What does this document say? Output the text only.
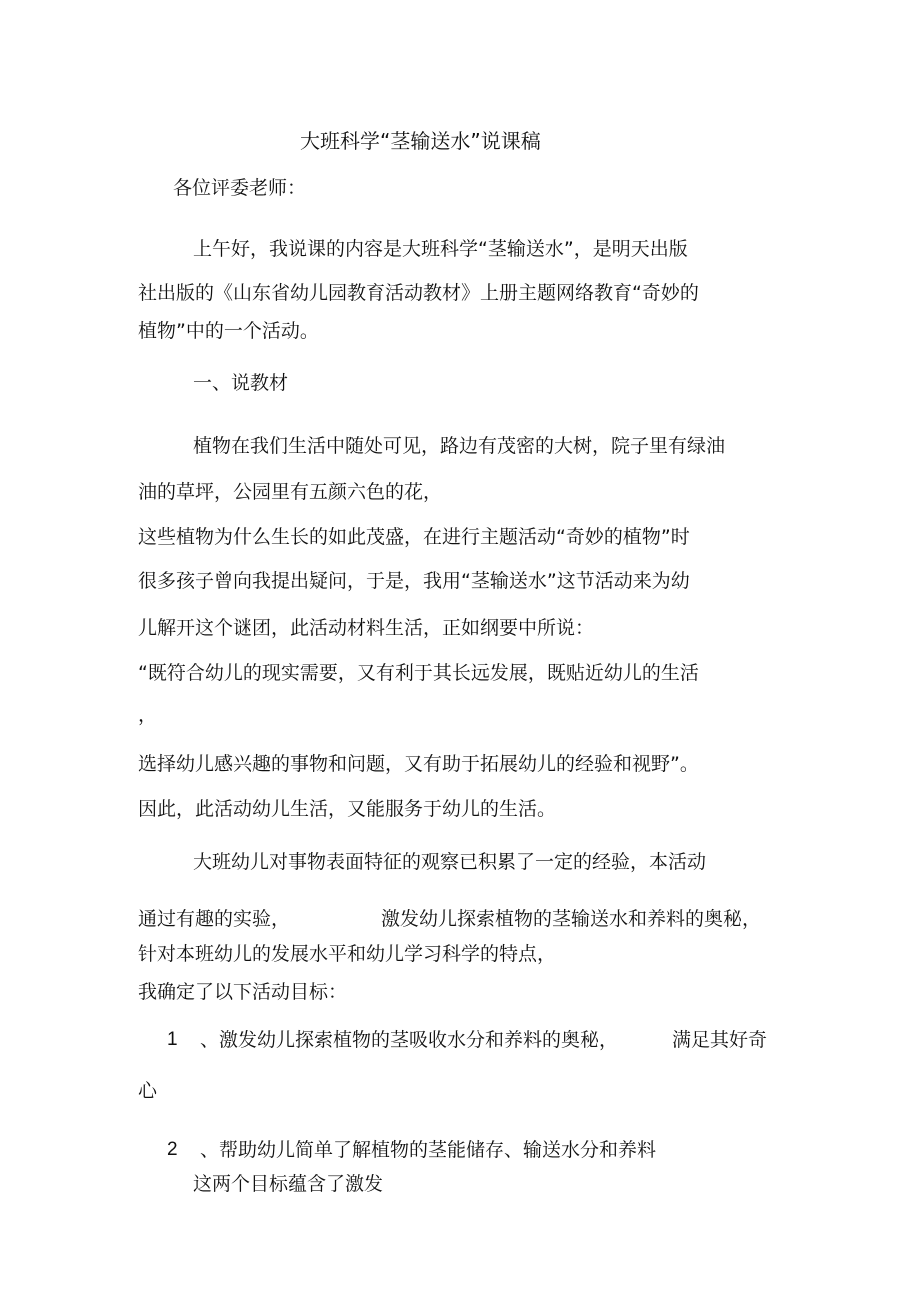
大班科学“茎输送水”说课稿
各位评委老师：
上午好，我说课的内容是大班科学“茎输送水”，是明天出版
社出版的《山东省幼儿园教育活动教材》上册主题网络教育“奇妙的
植物”中的一个活动。
一、说教材
植物在我们生活中随处可见，路边有茂密的大树，院子里有绿油
油的草坪，公园里有五颜六色的花，
这些植物为什么生长的如此茂盛，在进行主题活动“奇妙的植物”时
很多孩子曾向我提出疑问，于是，我用“茎输送水”这节活动来为幼
儿解开这个谜团，此活动材料生活，正如纲要中所说：
“既符合幼儿的现实需要，又有利于其长远发展，既贴近幼儿的生活
，
选择幼儿感兴趣的事物和问题，又有助于拓展幼儿的经验和视野”。
因此，此活动幼儿生活，又能服务于幼儿的生活。
大班幼儿对事物表面特征的观察已积累了一定的经验，本活动
通过有趣的实验，	激发幼儿探索植物的茎输送水和养料的奥秘，
针对本班幼儿的发展水平和幼儿学习科学的特点，
我确定了以下活动目标：
1 、激发幼儿探索植物的茎吸收水分和养料的奥秘，	满足其好奇
心
2 、帮助幼儿简单了解植物的茎能储存、输送水分和养料
这两个目标蕴含了激发
